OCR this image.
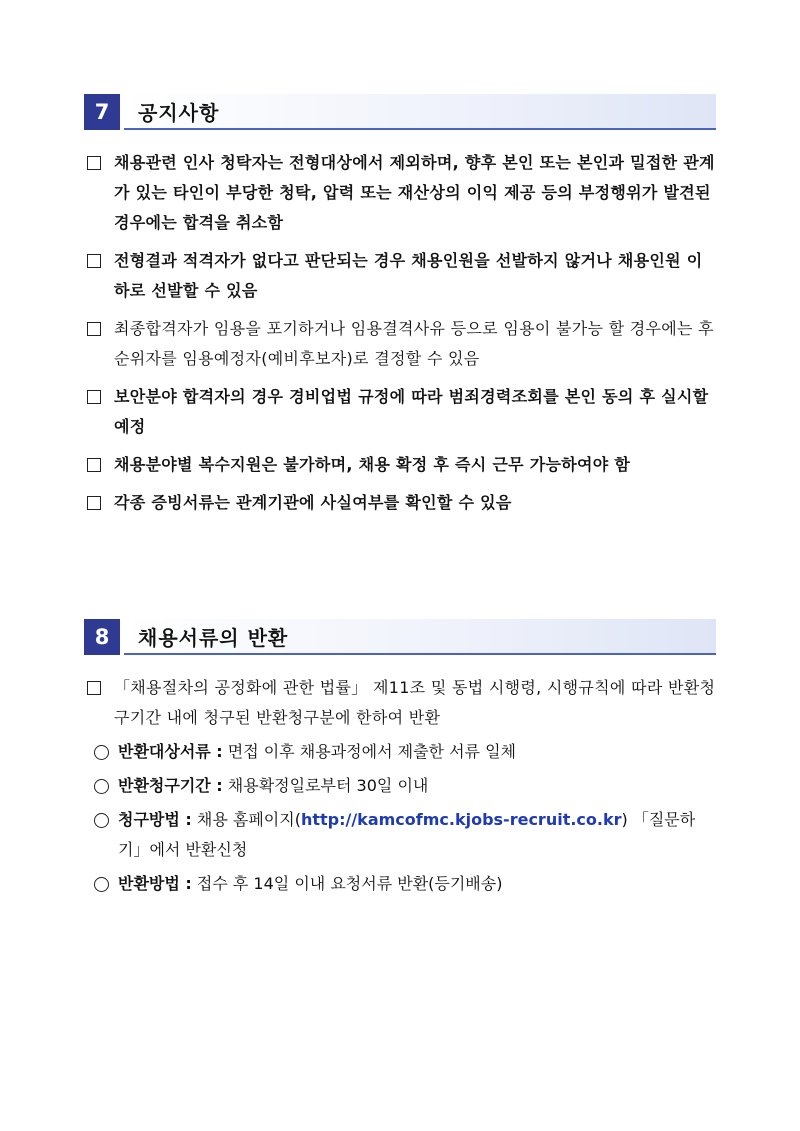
7	공지사항
채용관련 인사 청탁자는 전형대상에서 제외하며, 향후 본인 또는 본인과 밀접한 관계가 있는 타인이 부당한 청탁, 압력 또는 재산상의 이익 제공 등의 부정행위가 발견된 경우에는 합격을 취소함
전형결과 적격자가 없다고 판단되는 경우 채용인원을 선발하지 않거나 채용인원 이하로 선발할 수 있음
최종합격자가 임용을 포기하거나 임용결격사유 등으로 임용이 불가능 할 경우에는 후순위자를 임용예정자(예비후보자)로 결정할 수 있음
보안분야 합격자의 경우 경비업법 규정에 따라 범죄경력조회를 본인 동의 후 실시할 예정
채용분야별 복수지원은 불가하며, 채용 확정 후 즉시 근무 가능하여야 함
각종 증빙서류는 관계기관에 사실여부를 확인할 수 있음
8	채용서류의 반환
「채용절차의 공정화에 관한 법률」 제11조 및 동법 시행령, 시행규칙에 따라 반환청구기간 내에 청구된 반환청구분에 한하여 반환
반환대상서류 : 면접 이후 채용과정에서 제출한 서류 일체
반환청구기간 : 채용확정일로부터 30일 이내
청구방법 : 채용 홈페이지(http://kamcofmc.kjobs-recruit.co.kr) 「질문하기」에서 반환신청
반환방법 : 접수 후 14일 이내 요청서류 반환(등기배송)
